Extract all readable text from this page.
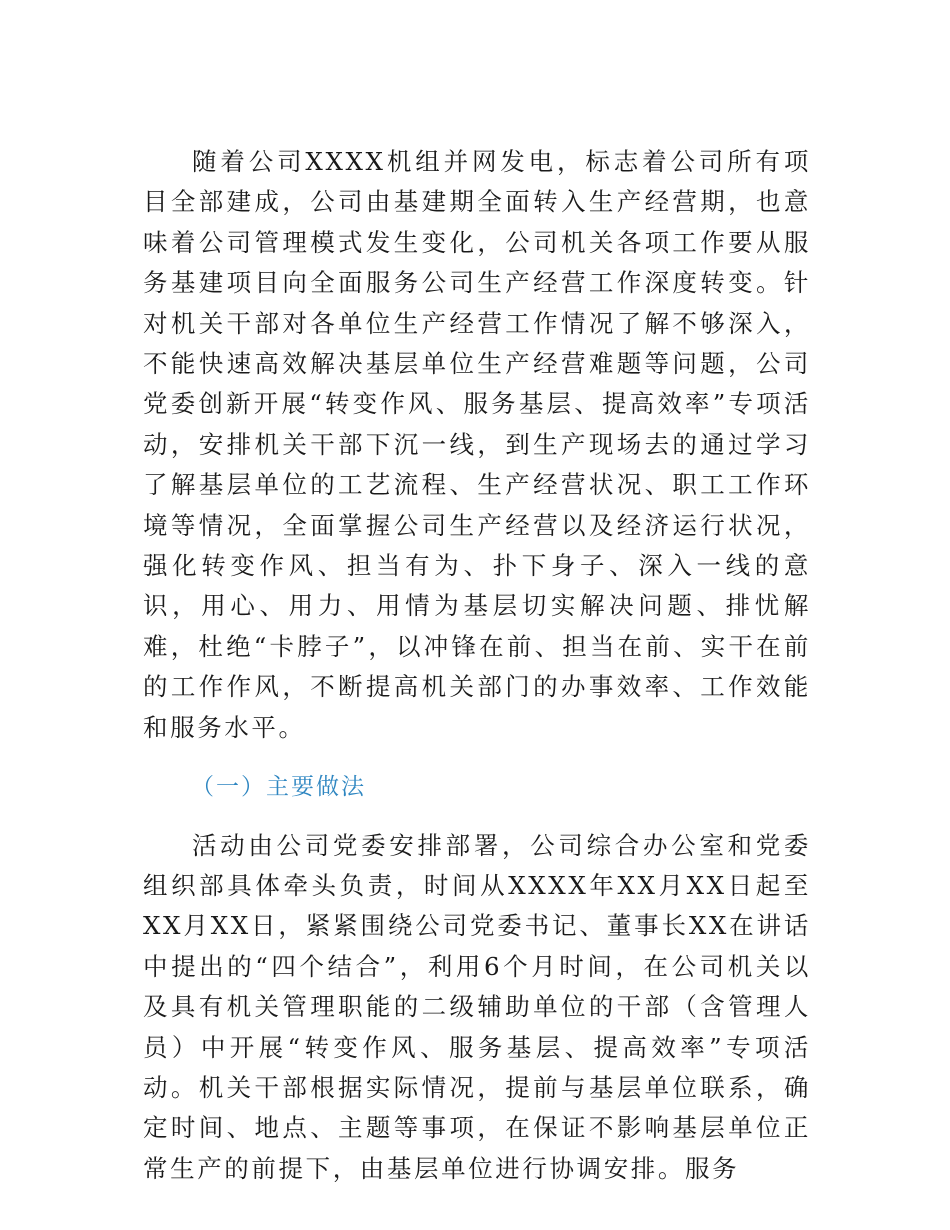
随着公司XXXX机组并网发电，标志着公司所有项目全部建成，公司由基建期全面转入生产经营期，也意味着公司管理模式发生变化，公司机关各项工作要从服务基建项目向全面服务公司生产经营工作深度转变。针对机关干部对各单位生产经营工作情况了解不够深入，不能快速高效解决基层单位生产经营难题等问题，公司党委创新开展“转变作风、服务基层、提高效率”专项活动，安排机关干部下沉一线，到生产现场去的通过学习了解基层单位的工艺流程、生产经营状况、职工工作环境等情况，全面掌握公司生产经营以及经济运行状况，强化转变作风、担当有为、扑下身子、深入一线的意识，用心、用力、用情为基层切实解决问题、排忧解难，杜绝“卡脖子”，以冲锋在前、担当在前、实干在前的工作作风，不断提高机关部门的办事效率、工作效能和服务水平。

（一）主要做法

活动由公司党委安排部署，公司综合办公室和党委组织部具体牵头负责，时间从XXXX年XX月XX日起至XX月XX日，紧紧围绕公司党委书记、董事长XX在讲话中提出的“四个结合”，利用6个月时间，在公司机关以及具有机关管理职能的二级辅助单位的干部（含管理人员）中开展“转变作风、服务基层、提高效率”专项活动。机关干部根据实际情况，提前与基层单位联系，确定时间、地点、主题等事项，在保证不影响基层单位正常生产的前提下，由基层单位进行协调安排。服务
